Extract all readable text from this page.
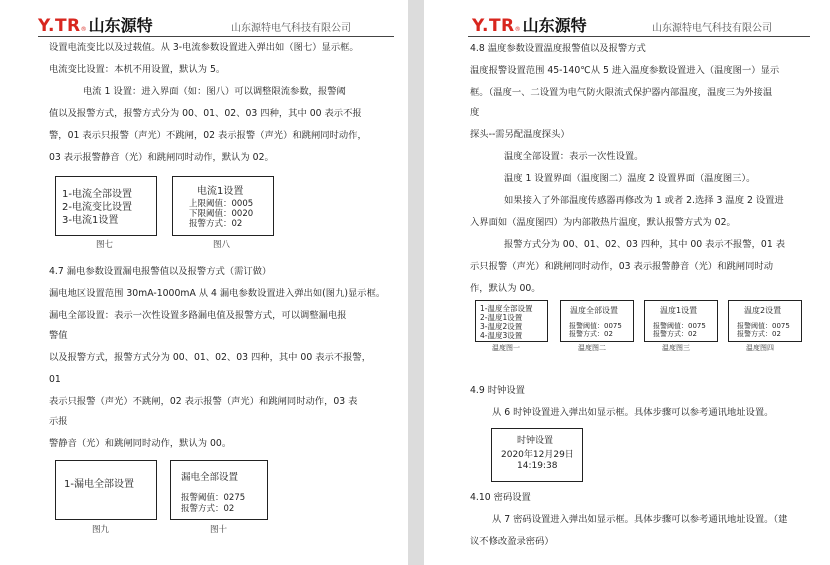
$Y.TR_®$ 山东源特	山东源特电气科技有限公司
设置电流变比以及过载值。从 3-电流参数设置进入弹出如（图七）显示框。
电流变比设置：本机不用设置，默认为 5。
电流 1 设置：进入界面（如：图八）可以调整限流参数，报警阈
值以及报警方式，报警方式分为 00、01、02、03 四种，其中 00 表示不报
警，01 表示只报警（声光）不跳闸，02 表示报警（声光）和跳闸同时动作，
03 表示报警静音（光）和跳闸同时动作，默认为 02。
1-电流全部设置
2-电流变比设置
3-电流1设置
电流1设置
上限阈值：0005
下限阈值：0020
报警方式：02
图七	图八
4.7 漏电参数设置漏电报警值以及报警方式（需订做）
漏电地区设置范围 30mA-1000mA 从 4 漏电参数设置进入弹出如(图九)显示框。
漏电全部设置：表示一次性设置多路漏电值及报警方式，可以调整漏电报
警值
以及报警方式，报警方式分为 00、01、02、03 四种，其中 00 表示不报警，
01
表示只报警（声光）不跳闸，02 表示报警（声光）和跳闸同时动作，03 表
示报
警静音（光）和跳闸同时动作，默认为 00。
1-漏电全部设置
漏电全部设置
报警阈值：0275
报警方式：02
图九	图十
$Y.TR_®$ 山东源特	山东源特电气科技有限公司
4.8 温度参数设置温度报警值以及报警方式
温度报警设置范围 45-140℃从 5 进入温度参数设置进入（温度图一）显示
框。（温度一、二设置为电气防火限流式保护器内部温度，温度三为外接温
度
探头--需另配温度探头）
温度全部设置：表示一次性设置。
温度 1 设置界面（温度图二）温度 2 设置界面（温度图三）。
如果接入了外部温度传感器再修改为 1 或者 2.选择 3 温度 2 设置进
入界面如（温度图四）为内部散热片温度，默认报警方式为 02。
报警方式分为 00、01、02、03 四种，其中 00 表示不报警，01 表
示只报警（声光）和跳闸同时动作，03 表示报警静音（光）和跳闸同时动
作，默认为 00。
1-温度全部设置
2-温度1设置
3-温度2设置
4-温度3设置
温度全部设置
报警阈值：0075
报警方式：02
温度1设置
报警阈值：0075
报警方式：02
温度2设置
报警阈值：0075
报警方式：02
温度图一	温度图二	温度图三	温度图四
4.9 时钟设置
从 6 时钟设置进入弹出如显示框。具体步骤可以参考通讯地址设置。
时钟设置
2020年12月29日
14:19:38
4.10 密码设置
从 7 密码设置进入弹出如显示框。具体步骤可以参考通讯地址设置。（建
议不修改盈录密码）
